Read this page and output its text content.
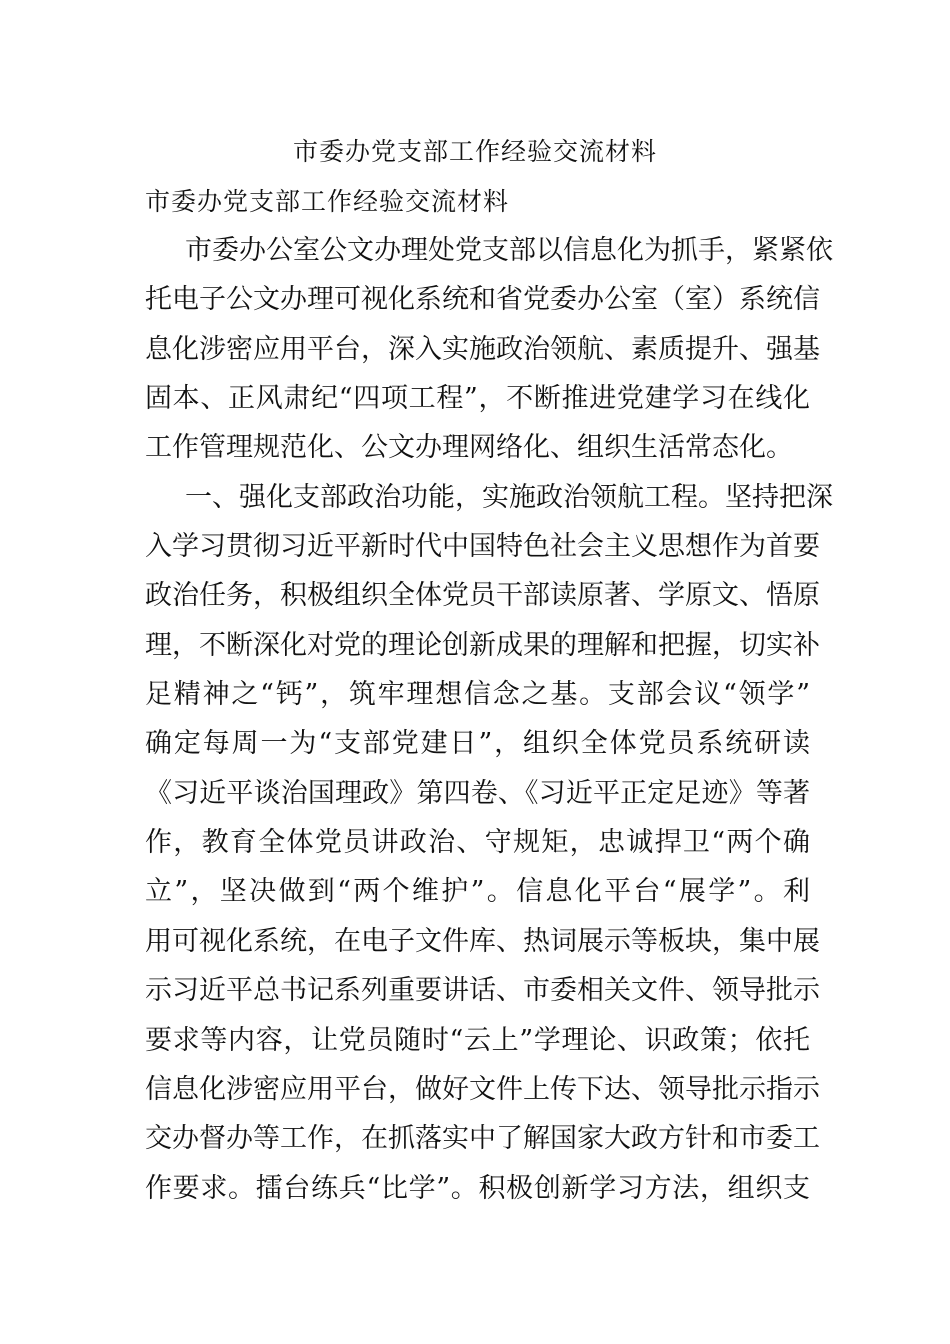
市委办党支部工作经验交流材料
市委办党支部工作经验交流材料
市委办公室公文办理处党支部以信息化为抓手，紧紧依
托电子公文办理可视化系统和省党委办公室（室）系统信
息化涉密应用平台，深入实施政治领航、素质提升、强基
固本、正风肃纪“四项工程”，不断推进党建学习在线化
工作管理规范化、公文办理网络化、组织生活常态化。
一、强化支部政治功能，实施政治领航工程。坚持把深
入学习贯彻习近平新时代中国特色社会主义思想作为首要
政治任务，积极组织全体党员干部读原著、学原文、悟原
理，不断深化对党的理论创新成果的理解和把握，切实补
足精神之“钙”，筑牢理想信念之基。支部会议“领学”
确定每周一为“支部党建日”，组织全体党员系统研读
《习近平谈治国理政》第四卷、《习近平正定足迹》等著
作，教育全体党员讲政治、守规矩，忠诚捍卫“两个确
立”，坚决做到“两个维护”。信息化平台“展学”。利
用可视化系统，在电子文件库、热词展示等板块，集中展
示习近平总书记系列重要讲话、市委相关文件、领导批示
要求等内容，让党员随时“云上”学理论、识政策；依托
信息化涉密应用平台，做好文件上传下达、领导批示指示
交办督办等工作，在抓落实中了解国家大政方针和市委工
作要求。擂台练兵“比学”。积极创新学习方法，组织支
